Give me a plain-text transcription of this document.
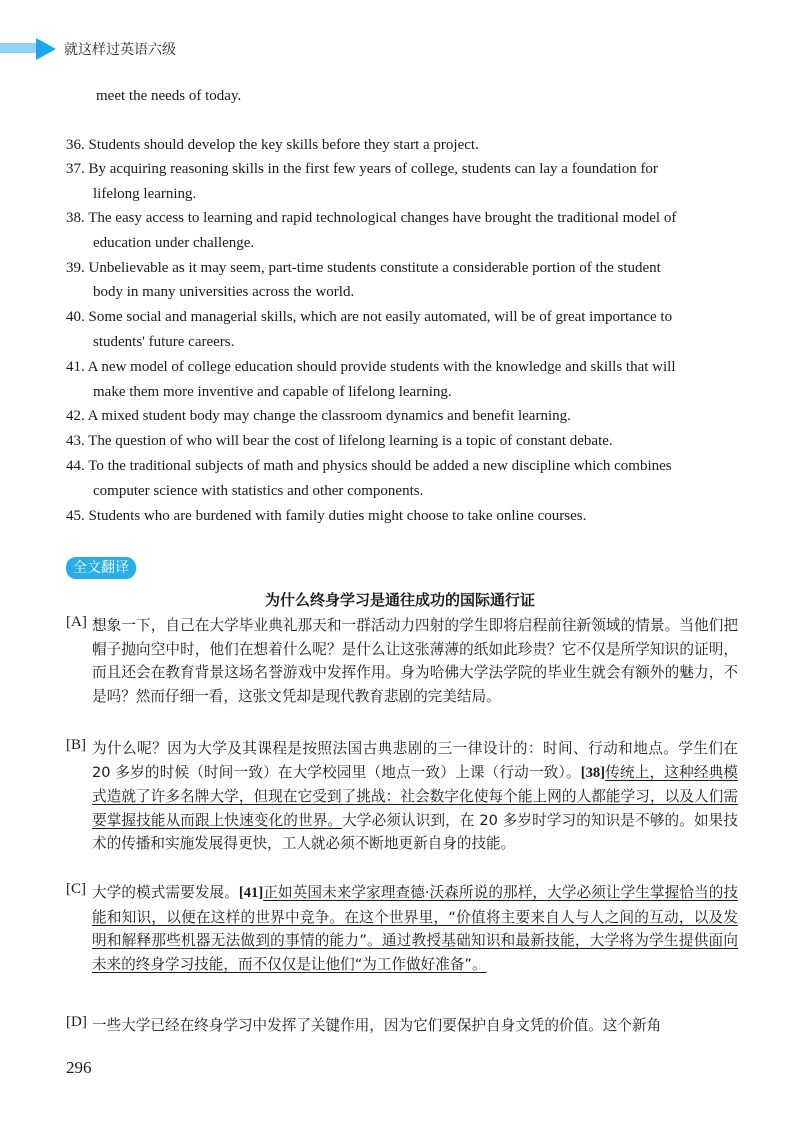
就这样过英语六级
meet the needs of today.
36. Students should develop the key skills before they start a project.
37. By acquiring reasoning skills in the first few years of college, students can lay a foundation for
lifelong learning.
38. The easy access to learning and rapid technological changes have brought the traditional model of
education under challenge.
39. Unbelievable as it may seem, part-time students constitute a considerable portion of the student
body in many universities across the world.
40. Some social and managerial skills, which are not easily automated, will be of great importance to
students' future careers.
41. A new model of college education should provide students with the knowledge and skills that will
make them more inventive and capable of lifelong learning.
42. A mixed student body may change the classroom dynamics and benefit learning.
43. The question of who will bear the cost of lifelong learning is a topic of constant debate.
44. To the traditional subjects of math and physics should be added a new discipline which combines
computer science with statistics and other components.
45. Students who are burdened with family duties might choose to take online courses.
全文翻译
为什么终身学习是通往成功的国际通行证
[A] 想象一下，自己在大学毕业典礼那天和一群活动力四射的学生即将启程前往新领域的情景。当他们把帽子抛向空中时，他们在想着什么呢？是什么让这张薄薄的纸如此珍贵？它不仅是所学知识的证明，而且还会在教育背景这场名誉游戏中发挥作用。身为哈佛大学法学院的毕业生就会有额外的魅力，不是吗？然而仔细一看，这张文凭却是现代教育悲剧的完美结局。
[B] 为什么呢？因为大学及其课程是按照法国古典悲剧的三一律设计的：时间、行动和地点。学生们在 20 多岁的时候（时间一致）在大学校园里（地点一致）上课（行动一致）。[38]传统上，这种经典模式造就了许多名牌大学，但现在它受到了挑战：社会数字化使每个能上网的人都能学习，以及人们需要掌握技能从而跟上快速变化的世界。大学必须认识到，在 20 多岁时学习的知识是不够的。如果技术的传播和实施发展得更快，工人就必须不断地更新自身的技能。
[C] 大学的模式需要发展。[41]正如英国未来学家理查德·沃森所说的那样，大学必须让学生掌握恰当的技能和知识，以便在这样的世界中竞争。在这个世界里，“价值将主要来自人与人之间的互动，以及发明和解释那些机器无法做到的事情的能力”。通过教授基础知识和最新技能，大学将为学生提供面向未来的终身学习技能，而不仅仅是让他们“为工作做好准备”。
[D] 一些大学已经在终身学习中发挥了关键作用，因为它们要保护自身文凭的价值。这个新角
296
